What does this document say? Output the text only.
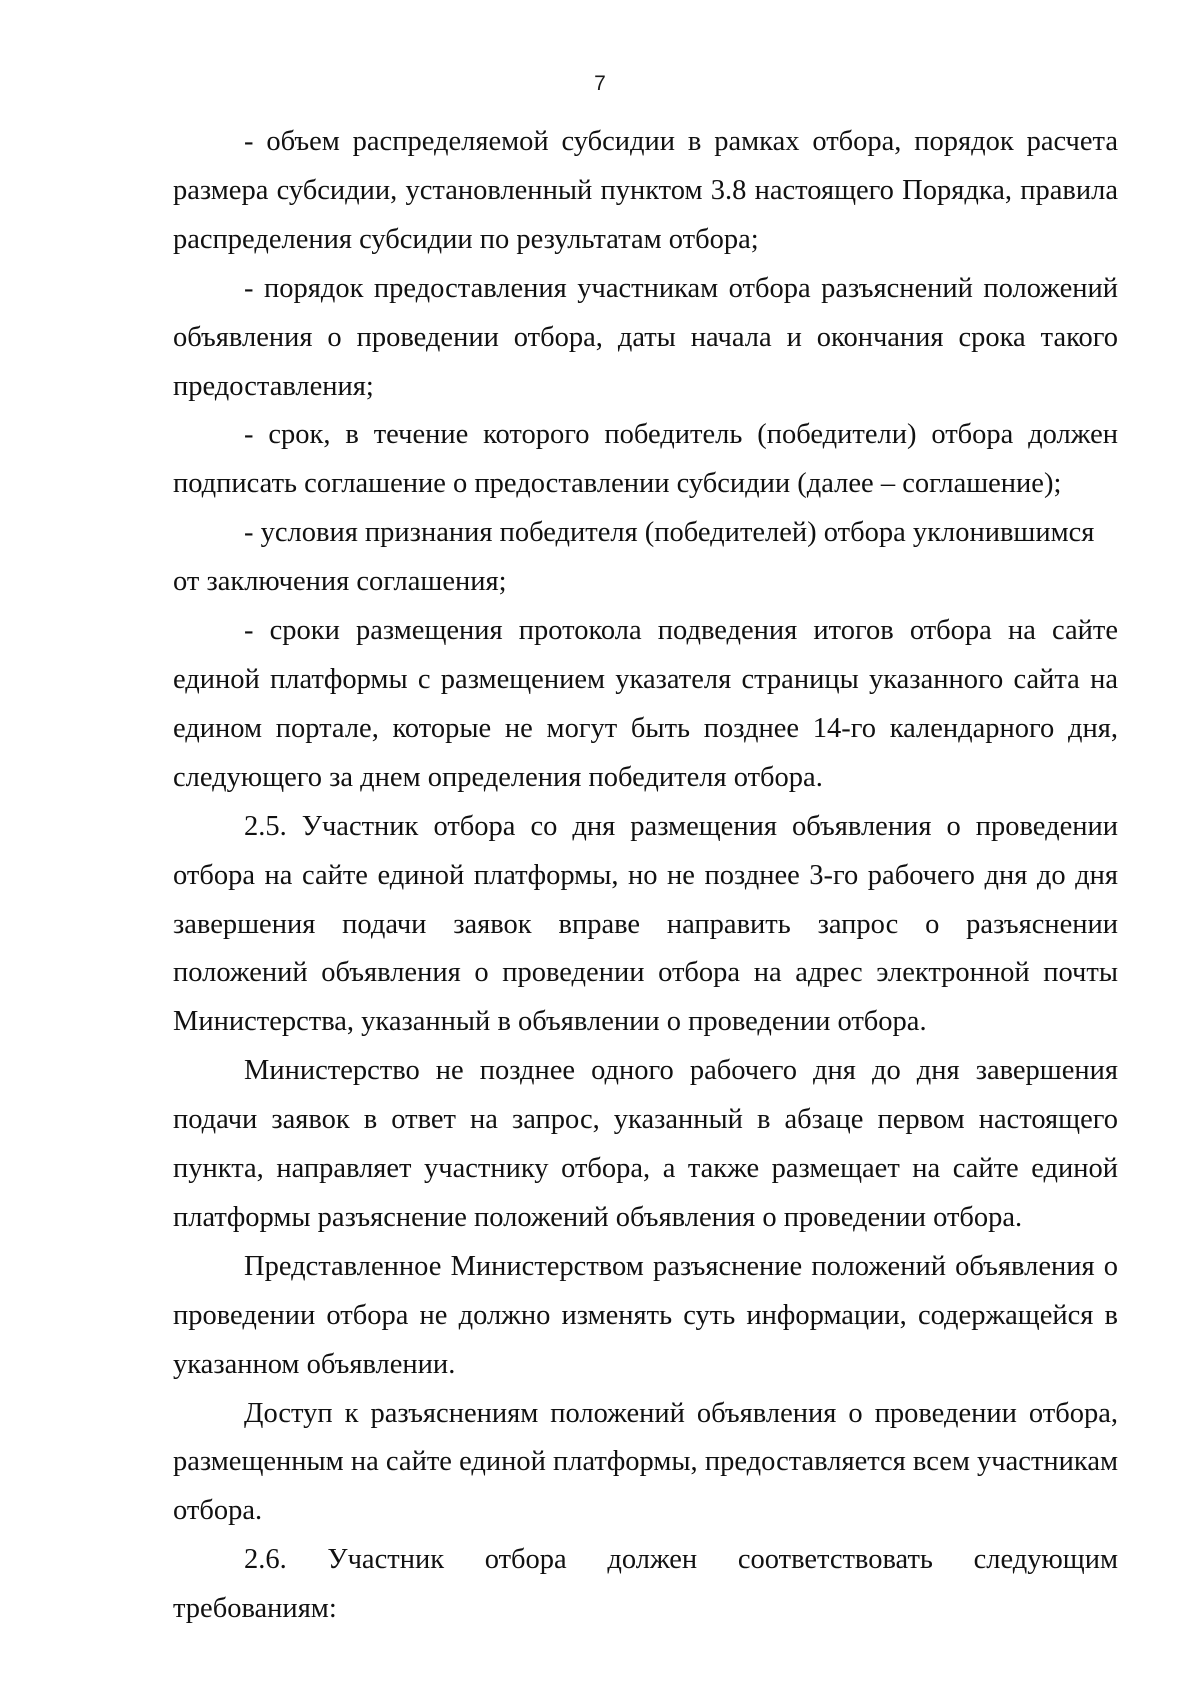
7

- объем распределяемой субсидии в рамках отбора, порядок расчета размера субсидии, установленный пунктом 3.8 настоящего Порядка, правила распределения субсидии по результатам отбора;

- порядок предоставления участникам отбора разъяснений положений объявления о проведении отбора, даты начала и окончания срока такого предоставления;

- срок, в течение которого победитель (победители) отбора должен подписать соглашение о предоставлении субсидии (далее – соглашение);

- условия признания победителя (победителей) отбора уклонившимся от заключения соглашения;

- сроки размещения протокола подведения итогов отбора на сайте единой платформы с размещением указателя страницы указанного сайта на едином портале, которые не могут быть позднее 14-го календарного дня, следующего за днем определения победителя отбора.

2.5. Участник отбора со дня размещения объявления о проведении отбора на сайте единой платформы, но не позднее 3-го рабочего дня до дня завершения подачи заявок вправе направить запрос о разъяснении положений объявления о проведении отбора на адрес электронной почты Министерства, указанный в объявлении о проведении отбора.

Министерство не позднее одного рабочего дня до дня завершения подачи заявок в ответ на запрос, указанный в абзаце первом настоящего пункта, направляет участнику отбора, а также размещает на сайте единой платформы разъяснение положений объявления о проведении отбора.

Представленное Министерством разъяснение положений объявления о проведении отбора не должно изменять суть информации, содержащейся в указанном объявлении.

Доступ к разъяснениям положений объявления о проведении отбора, размещенным на сайте единой платформы, предоставляется всем участникам отбора.

2.6. Участник отбора должен соответствовать следующим требованиям:
